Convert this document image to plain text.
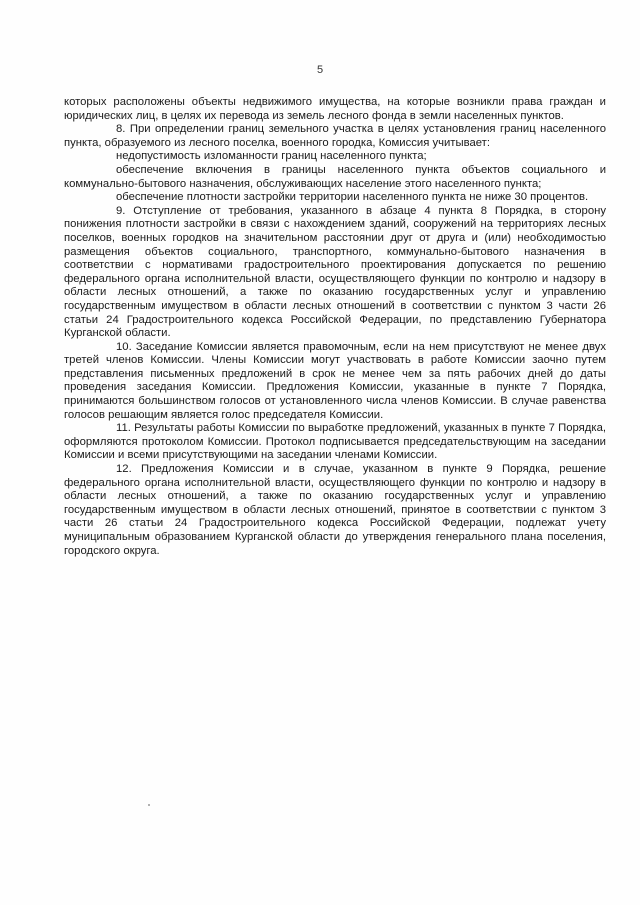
5

которых расположены объекты недвижимого имущества, на которые возникли права граждан и юридических лиц, в целях их перевода из земель лесного фонда в земли населенных пунктов.

8. При определении границ земельного участка в целях установления границ населенного пункта, образуемого из лесного поселка, военного городка, Комиссия учитывает:

недопустимость изломанности границ населенного пункта;

обеспечение включения в границы населенного пункта объектов социального и коммунально-бытового назначения, обслуживающих население этого населенного пункта;

обеспечение плотности застройки территории населенного пункта не ниже 30 процентов.

9. Отступление от требования, указанного в абзаце 4 пункта 8 Порядка, в сторону понижения плотности застройки в связи с нахождением зданий, сооружений на территориях лесных поселков, военных городков на значительном расстоянии друг от друга и (или) необходимостью размещения объектов социального, транспортного, коммунально-бытового назначения в соответствии с нормативами градостроительного проектирования допускается по решению федерального органа исполнительной власти, осуществляющего функции по контролю и надзору в области лесных отношений, а также по оказанию государственных услуг и управлению государственным имуществом в области лесных отношений в соответствии с пунктом 3 части 26 статьи 24 Градостроительного кодекса Российской Федерации, по представлению Губернатора Курганской области.

10. Заседание Комиссии является правомочным, если на нем присутствуют не менее двух третей членов Комиссии. Члены Комиссии могут участвовать в работе Комиссии заочно путем представления письменных предложений в срок не менее чем за пять рабочих дней до даты проведения заседания Комиссии. Предложения Комиссии, указанные в пункте 7 Порядка, принимаются большинством голосов от установленного числа членов Комиссии. В случае равенства голосов решающим является голос председателя Комиссии.

11. Результаты работы Комиссии по выработке предложений, указанных в пункте 7 Порядка, оформляются протоколом Комиссии. Протокол подписывается председательствующим на заседании Комиссии и всеми присутствующими на заседании членами Комиссии.

12. Предложения Комиссии и в случае, указанном в пункте 9 Порядка, решение федерального органа исполнительной власти, осуществляющего функции по контролю и надзору в области лесных отношений, а также по оказанию государственных услуг и управлению государственным имуществом в области лесных отношений, принятое в соответствии с пунктом 3 части 26 статьи 24 Градостроительного кодекса Российской Федерации, подлежат учету муниципальным образованием Курганской области до утверждения генерального плана поселения, городского округа.
